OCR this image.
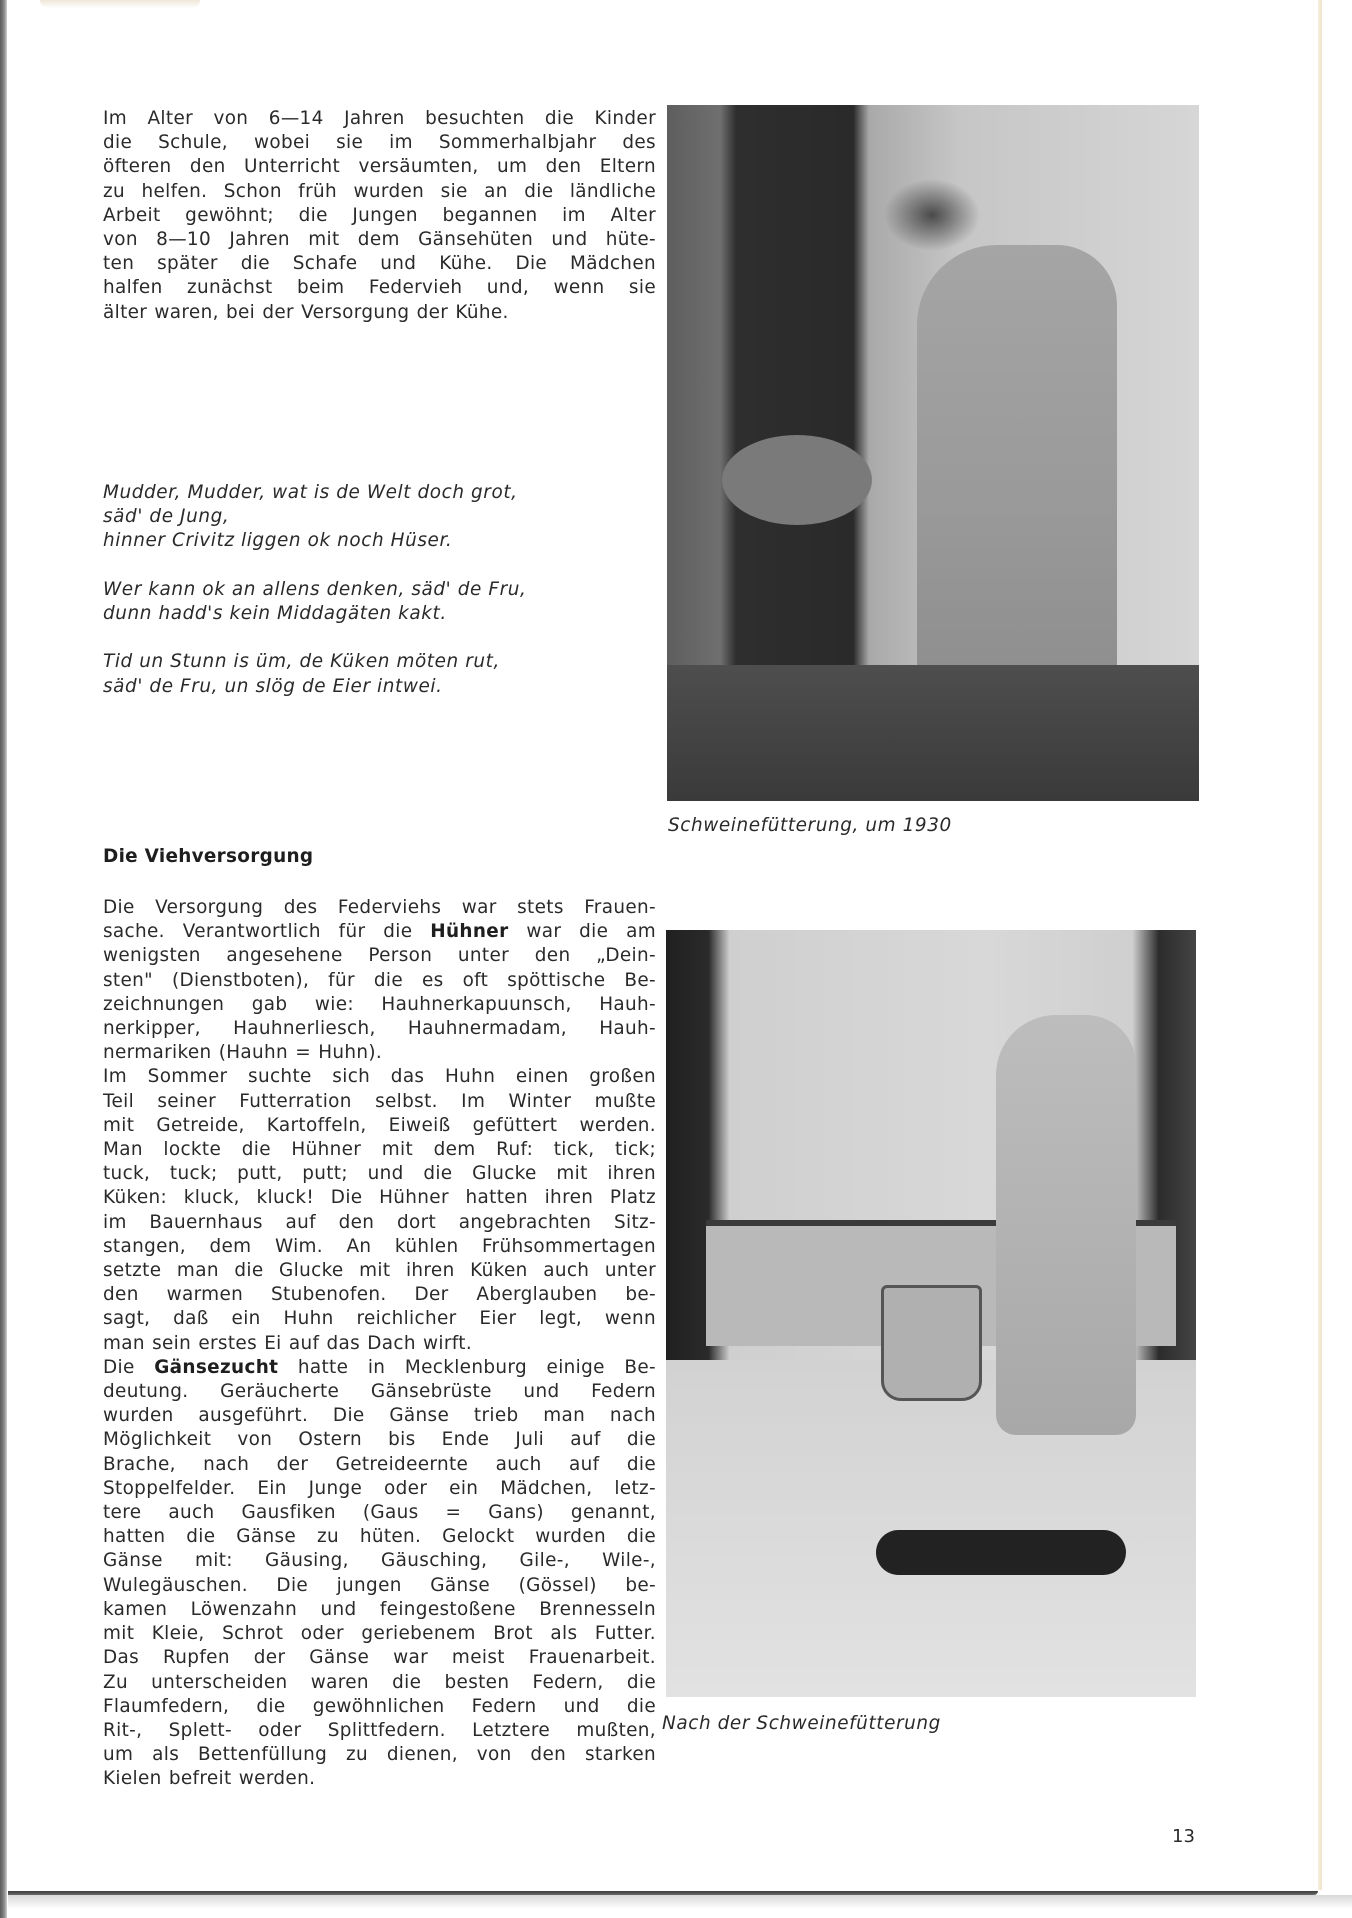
Im Alter von 6—14 Jahren besuchten die Kinder
die Schule, wobei sie im Sommerhalbjahr des
öfteren den Unterricht versäumten, um den Eltern
zu helfen. Schon früh wurden sie an die ländliche
Arbeit gewöhnt; die Jungen begannen im Alter
von 8—10 Jahren mit dem Gänsehüten und hüte-
ten später die Schafe und Kühe. Die Mädchen
halfen zunächst beim Federvieh und, wenn sie
älter waren, bei der Versorgung der Kühe.
Mudder, Mudder, wat is de Welt doch grot,
säd' de Jung,
hinner Crivitz liggen ok noch Hüser.
Wer kann ok an allens denken, säd' de Fru,
dunn hadd's kein Middagäten kakt.
Tid un Stunn is üm, de Küken möten rut,
säd' de Fru, un slög de Eier intwei.
Die Viehversorgung
Die Versorgung des Federviehs war stets Frauen-
sache. Verantwortlich für die Hühner war die am
wenigsten angesehene Person unter den „Dein-
sten" (Dienstboten), für die es oft spöttische Be-
zeichnungen gab wie: Hauhnerkapuunsch, Hauh-
nerkipper, Hauhnerliesch, Hauhnermadam, Hauh-
nermariken (Hauhn = Huhn).
Im Sommer suchte sich das Huhn einen großen
Teil seiner Futterration selbst. Im Winter mußte
mit Getreide, Kartoffeln, Eiweiß gefüttert werden.
Man lockte die Hühner mit dem Ruf: tick, tick;
tuck, tuck; putt, putt; und die Glucke mit ihren
Küken: kluck, kluck! Die Hühner hatten ihren Platz
im Bauernhaus auf den dort angebrachten Sitz-
stangen, dem Wim. An kühlen Frühsommertagen
setzte man die Glucke mit ihren Küken auch unter
den warmen Stubenofen. Der Aberglauben be-
sagt, daß ein Huhn reichlicher Eier legt, wenn
man sein erstes Ei auf das Dach wirft.
Die Gänsezucht hatte in Mecklenburg einige Be-
deutung. Geräucherte Gänsebrüste und Federn
wurden ausgeführt. Die Gänse trieb man nach
Möglichkeit von Ostern bis Ende Juli auf die
Brache, nach der Getreideernte auch auf die
Stoppelfelder. Ein Junge oder ein Mädchen, letz-
tere auch Gausfiken (Gaus = Gans) genannt,
hatten die Gänse zu hüten. Gelockt wurden die
Gänse mit: Gäusing, Gäusching, Gile-, Wile-,
Wulegäuschen. Die jungen Gänse (Gössel) be-
kamen Löwenzahn und feingestoßene Brennesseln
mit Kleie, Schrot oder geriebenem Brot als Futter.
Das Rupfen der Gänse war meist Frauenarbeit.
Zu unterscheiden waren die besten Federn, die
Flaumfedern, die gewöhnlichen Federn und die
Rit-, Splett- oder Splittfedern. Letztere mußten,
um als Bettenfüllung zu dienen, von den starken
Kielen befreit werden.
Schweinefütterung, um 1930
Nach der Schweinefütterung
13
